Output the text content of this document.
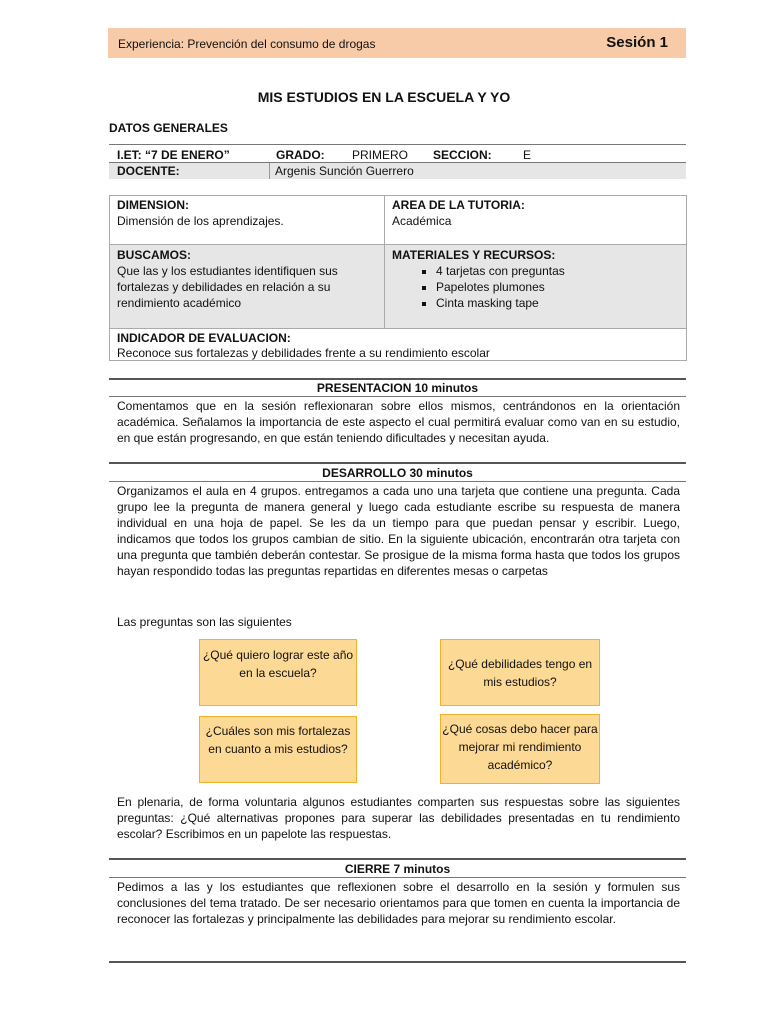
Experiencia: Prevención del consumo de drogas	Sesión 1
MIS ESTUDIOS EN LA ESCUELA Y YO
DATOS GENERALES
I.ET: “7 DE ENERO”	GRADO: PRIMERO SECCION:	E
DOCENTE:	Argenis Sunción Guerrero
DIMENSION:
Dimensión de los aprendizajes.
AREA DE LA TUTORIA:
Académica
BUSCAMOS:
Que las y los estudiantes identifiquen sus fortalezas y debilidades en relación a su rendimiento académico
MATERIALES Y RECURSOS:
▪ 4 tarjetas con preguntas
▪ Papelotes plumones
▪ Cinta masking tape
INDICADOR DE EVALUACION:
Reconoce sus fortalezas y debilidades frente a su rendimiento escolar
PRESENTACION 10 minutos
Comentamos que en la sesión reflexionaran sobre ellos mismos, centrándonos en la orientación académica. Señalamos la importancia de este aspecto el cual permitirá evaluar como van en su estudio, en que están progresando, en que están teniendo dificultades y necesitan ayuda.
DESARROLLO 30 minutos
Organizamos el aula en 4 grupos. entregamos a cada uno una tarjeta que contiene una pregunta. Cada grupo lee la pregunta de manera general y luego cada estudiante escribe su respuesta de manera individual en una hoja de papel. Se les da un tiempo para que puedan pensar y escribir. Luego, indicamos que todos los grupos cambian de sitio. En la siguiente ubicación, encontrarán otra tarjeta con una pregunta que también deberán contestar. Se prosigue de la misma forma hasta que todos los grupos hayan respondido todas las preguntas repartidas en diferentes mesas o carpetas
Las preguntas son las siguientes
¿Qué quiero lograr este año en la escuela?
¿Qué debilidades tengo en mis estudios?
¿Cuáles son mis fortalezas en cuanto a mis estudios?
¿Qué cosas debo hacer para mejorar mi rendimiento académico?
En plenaria, de forma voluntaria algunos estudiantes comparten sus respuestas sobre las siguientes preguntas: ¿Qué alternativas propones para superar las debilidades presentadas en tu rendimiento escolar? Escribimos en un papelote las respuestas.
CIERRE 7 minutos
Pedimos a las y los estudiantes que reflexionen sobre el desarrollo en la sesión y formulen sus conclusiones del tema tratado. De ser necesario orientamos para que tomen en cuenta la importancia de reconocer las fortalezas y principalmente las debilidades para mejorar su rendimiento escolar.
